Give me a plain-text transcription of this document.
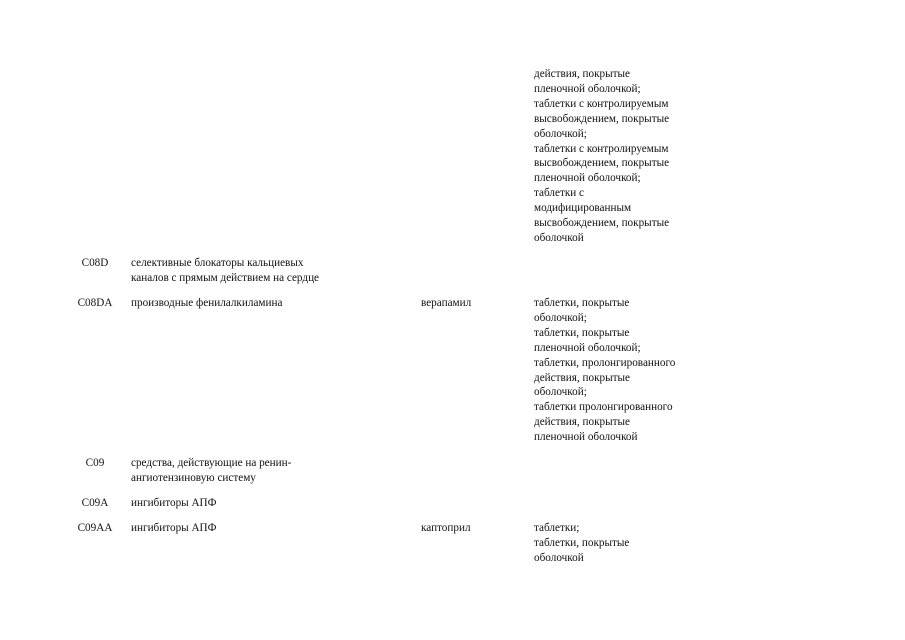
действия, покрытые
пленочной оболочкой;
таблетки с контролируемым
высвобождением, покрытые
оболочкой;
таблетки с контролируемым
высвобождением, покрытые
пленочной оболочкой;
таблетки с
модифицированным
высвобождением, покрытые
оболочкой
C08D	селективные блокаторы кальциевых
каналов с прямым действием на сердце
C08DA	производные фенилалкиламина	верапамил	таблетки, покрытые
оболочкой;
таблетки, покрытые
пленочной оболочкой;
таблетки, пролонгированного
действия, покрытые
оболочкой;
таблетки пролонгированного
действия, покрытые
пленочной оболочкой
C09	средства, действующие на ренин-
ангиотензиновую систему
C09A	ингибиторы АПФ
C09AA	ингибиторы АПФ	каптоприл	таблетки;
таблетки, покрытые
оболочкой
